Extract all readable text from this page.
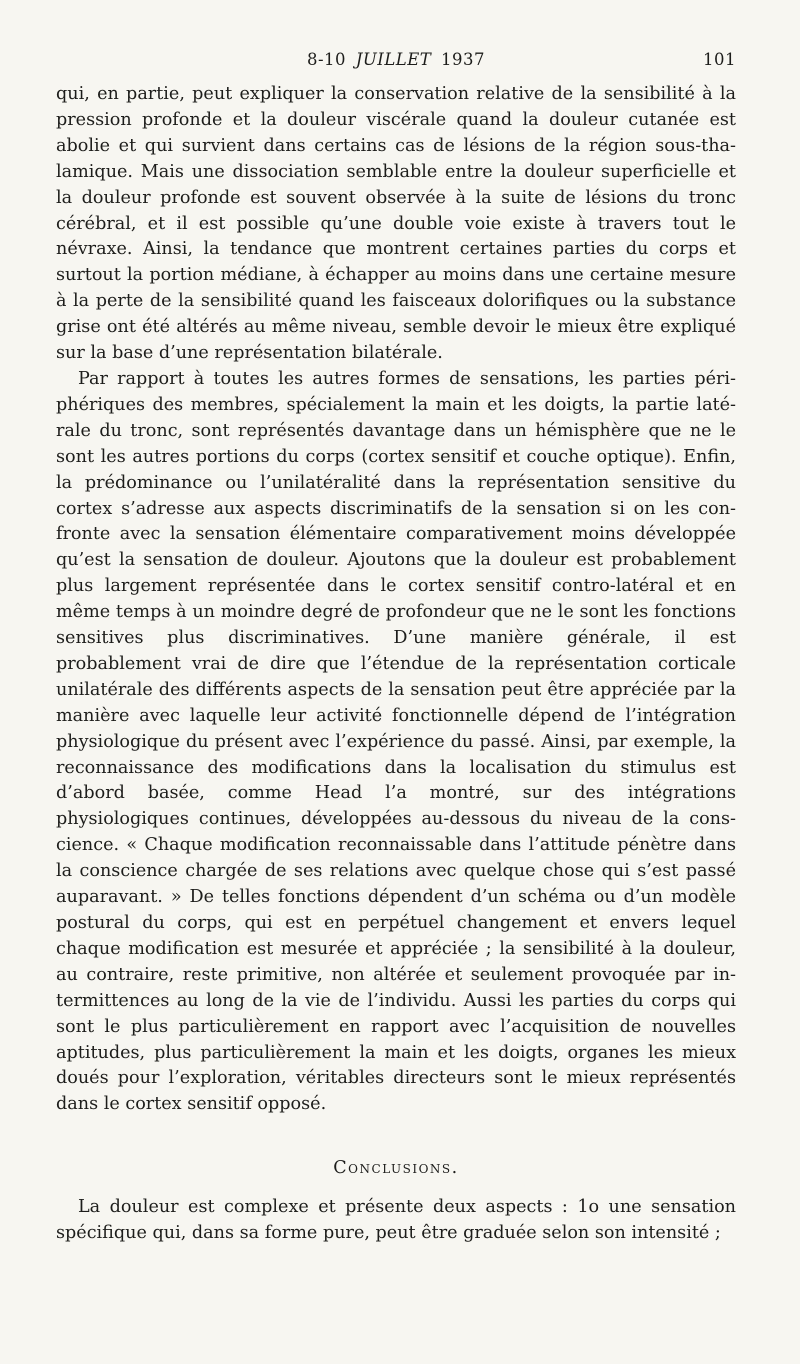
8-10 JUILLET 1937	101

qui, en partie, peut expliquer la conservation relative de la sensibilité à la pression profonde et la douleur viscérale quand la douleur cutanée est abolie et qui survient dans certains cas de lésions de la région sous-thalamique. Mais une dissociation semblable entre la douleur superficielle et la douleur profonde est souvent observée à la suite de lésions du tronc cérébral, et il est possible qu’une double voie existe à travers tout le névraxe. Ainsi, la tendance que montrent certaines parties du corps et surtout la portion médiane, à échapper au moins dans une certaine mesure à la perte de la sensibilité quand les faisceaux dolorifiques ou la substance grise ont été altérés au même niveau, semble devoir le mieux être expliqué sur la base d’une représentation bilatérale.

Par rapport à toutes les autres formes de sensations, les parties périphériques des membres, spécialement la main et les doigts, la partie latérale du tronc, sont représentés davantage dans un hémisphère que ne le sont les autres portions du corps (cortex sensitif et couche optique). Enfin, la prédominance ou l’unilatéralité dans la représentation sensitive du cortex s’adresse aux aspects discriminatifs de la sensation si on les confronte avec la sensation élémentaire comparativement moins développée qu’est la sensation de douleur. Ajoutons que la douleur est probablement plus largement représentée dans le cortex sensitif contro-latéral et en même temps à un moindre degré de profondeur que ne le sont les fonctions sensitives plus discriminatives. D’une manière générale, il est probablement vrai de dire que l’étendue de la représentation corticale unilatérale des différents aspects de la sensation peut être appréciée par la manière avec laquelle leur activité fonctionnelle dépend de l’intégration physiologique du présent avec l’expérience du passé. Ainsi, par exemple, la reconnaissance des modifications dans la localisation du stimulus est d’abord basée, comme Head l’a montré, sur des intégrations physiologiques continues, développées au-dessous du niveau de la conscience. « Chaque modification reconnaissable dans l’attitude pénètre dans la conscience chargée de ses relations avec quelque chose qui s’est passé auparavant. » De telles fonctions dépendent d’un schéma ou d’un modèle postural du corps, qui est en perpétuel changement et envers lequel chaque modification est mesurée et appréciée ; la sensibilité à la douleur, au contraire, reste primitive, non altérée et seulement provoquée par intermittences au long de la vie de l’individu. Aussi les parties du corps qui sont le plus particulièrement en rapport avec l’acquisition de nouvelles aptitudes, plus particulièrement la main et les doigts, organes les mieux doués pour l’exploration, véritables directeurs sont le mieux représentés dans le cortex sensitif opposé.

Conclusions.

La douleur est complexe et présente deux aspects : 1o une sensation spécifique qui, dans sa forme pure, peut être graduée selon son intensité ;
